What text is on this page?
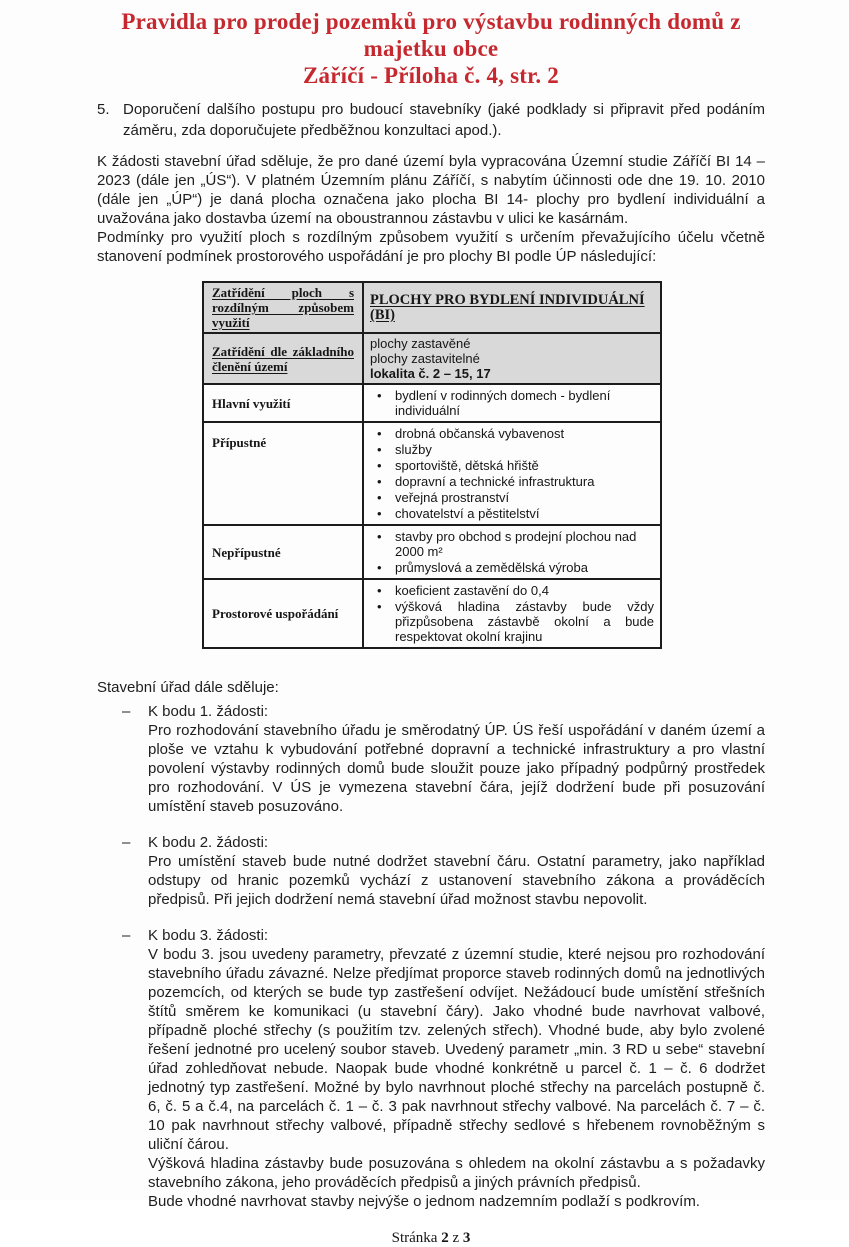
Pravidla pro prodej pozemků pro výstavbu rodinných domů z majetku obce
Záříčí - Příloha č. 4, str. 2
5. Doporučení dalšího postupu pro budoucí stavebníky (jaké podklady si připravit před podáním záměru, zda doporučujete předběžnou konzultaci apod.).

K žádosti stavební úřad sděluje, že pro dané území byla vypracována Územní studie Záříčí BI 14 – 2023 (dále jen „ÚS“). V platném Územním plánu Záříčí, s nabytím účinnosti ode dne 19. 10. 2010 (dále jen „ÚP“) je daná plocha označena jako plocha BI 14- plochy pro bydlení individuální a uvažována jako dostavba území na oboustrannou zástavbu v ulici ke kasárnám.

Podmínky pro využití ploch s rozdílným způsobem využití s určením převažujícího účelu včetně stanovení podmínek prostorového uspořádání je pro plochy BI podle ÚP následující:

Zatřídění ploch s rozdílným způsobem využití	PLOCHY PRO BYDLENÍ INDIVIDUÁLNÍ (BI)
Zatřídění dle základního členění území	plochy zastavěné
plochy zastavitelné
lokalita č. 2 – 15, 17

Hlavní využití	• bydlení v rodinných domech - bydlení individuální

Přípustné	
• drobná občanská vybavenost
• služby
• sportoviště, dětská hřiště
• dopravní a technické infrastruktura
• veřejná prostranství
• chovatelství a pěstitelství

Nepřípustné	• stavby pro obchod s prodejní plochou nad 2000 m²
• průmyslová a zemědělská výroba

Prostorové uspořádání	• koeficient zastavění do 0,4
• výšková hladina zástavby bude vždy přizpůsobena zástavbě okolní a bude respektovat okolní krajinu
Stavební úřad dále sděluje:
–	K bodu 1. žádosti:

Pro rozhodování stavebního úřadu je směrodatný ÚP. ÚS řeší uspořádání v daném území a ploše ve vztahu k vybudování potřebné dopravní a technické infrastruktury a pro vlastní povolení výstavby rodinných domů bude sloužit pouze jako případný podpůrný prostředek pro rozhodování. V ÚS je vymezena stavební čára, jejíž dodržení bude při posuzování umístění staveb posuzováno.

–	K bodu 2. žádosti:

Pro umístění staveb bude nutné dodržet stavební čáru. Ostatní parametry, jako například odstupy od hranic pozemků vychází z ustanovení stavebního zákona a prováděcích předpisů. Při jejich dodržení nemá stavební úřad možnost stavbu nepovolit.

–	K bodu 3. žádosti:

V bodu 3. jsou uvedeny parametry, převzaté z územní studie, které nejsou pro rozhodování stavebního úřadu závazné. Nelze předjímat proporce staveb rodinných domů na jednotlivých pozemcích, od kterých se bude typ zastřešení odvíjet. Nežádoucí bude umístění střešních štítů směrem ke komunikaci (u stavební čáry). Jako vhodné bude navrhovat valbové, případně ploché střechy (s použitím tzv. zelených střech). Vhodné bude, aby bylo zvolené řešení jednotné pro ucelený soubor staveb. Uvedený parametr „min. 3 RD u sebe“ stavební úřad zohledňovat nebude. Naopak bude vhodné konkrétně u parcel č. 1 – č. 6 dodržet jednotný typ zastřešení. Možné by bylo navrhnout ploché střechy na parcelách postupně č. 6, č. 5 a č.4, na parcelách č. 1 – č. 3 pak navrhnout střechy valbové. Na parcelách č. 7 – č. 10 pak navrhnout střechy valbové, případně střechy sedlové s hřebenem rovnoběžným s uliční čárou.

Výšková hladina zástavby bude posuzována s ohledem na okolní zástavbu a s požadavky stavebního zákona, jeho prováděcích předpisů a jiných právních předpisů.

Bude vhodné navrhovat stavby nejvýše o jednom nadzemním podlaží s podkrovím.

Stránka 2 z 3
